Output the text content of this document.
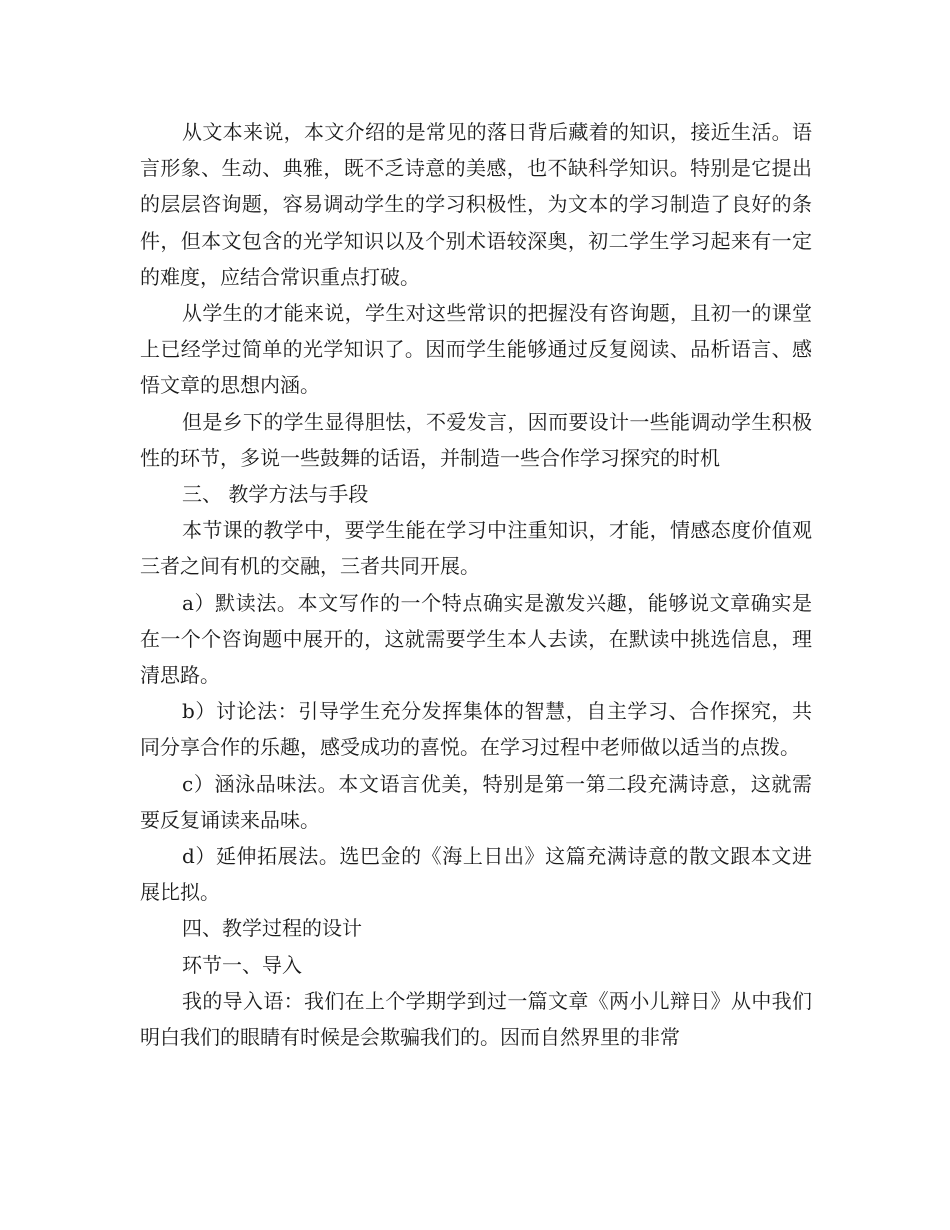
从文本来说，本文介绍的是常见的落日背后藏着的知识，接近生活。语言形象、生动、典雅，既不乏诗意的美感，也不缺科学知识。特别是它提出的层层咨询题，容易调动学生的学习积极性，为文本的学习制造了良好的条件，但本文包含的光学知识以及个别术语较深奥，初二学生学习起来有一定的难度，应结合常识重点打破。

从学生的才能来说，学生对这些常识的把握没有咨询题，且初一的课堂上已经学过简单的光学知识了。因而学生能够通过反复阅读、品析语言、感悟文章的思想内涵。

但是乡下的学生显得胆怯，不爱发言，因而要设计一些能调动学生积极性的环节，多说一些鼓舞的话语，并制造一些合作学习探究的时机

三、 教学方法与手段

本节课的教学中，要学生能在学习中注重知识，才能，情感态度价值观三者之间有机的交融，三者共同开展。

a）默读法。本文写作的一个特点确实是激发兴趣，能够说文章确实是在一个个咨询题中展开的，这就需要学生本人去读，在默读中挑选信息，理清思路。

b）讨论法：引导学生充分发挥集体的智慧，自主学习、合作探究，共同分享合作的乐趣，感受成功的喜悦。在学习过程中老师做以适当的点拨。

c）涵泳品味法。本文语言优美，特别是第一第二段充满诗意，这就需要反复诵读来品味。

d）延伸拓展法。选巴金的《海上日出》这篇充满诗意的散文跟本文进展比拟。

四、教学过程的设计

环节一、导入

我的导入语：我们在上个学期学到过一篇文章《两小儿辩日》从中我们明白我们的眼睛有时候是会欺骗我们的。因而自然界里的非常
